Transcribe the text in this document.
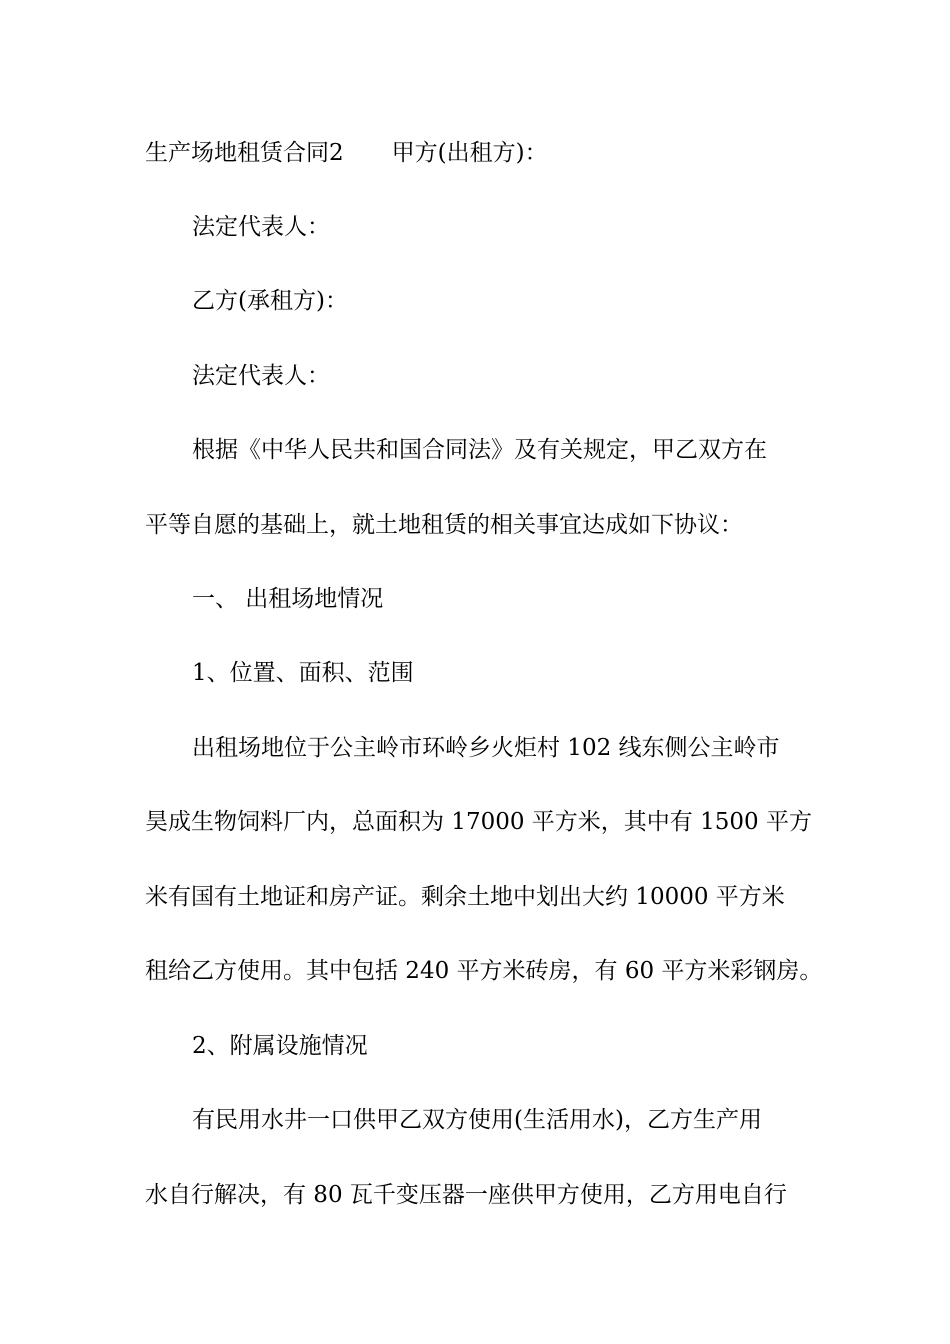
生产场地租赁合同2 甲方(出租方)：
法定代表人：
乙方(承租方)：
法定代表人：
根据《中华人民共和国合同法》及有关规定，甲乙双方在
平等自愿的基础上，就土地租赁的相关事宜达成如下协议：
一、 出租场地情况
1、位置、面积、范围
出租场地位于公主岭市环岭乡火炬村 102 线东侧公主岭市
昊成生物饲料厂内，总面积为 17000 平方米，其中有 1500 平方
米有国有土地证和房产证。剩余土地中划出大约 10000 平方米
租给乙方使用。其中包括 240 平方米砖房，有 60 平方米彩钢房。
2、附属设施情况
有民用水井一口供甲乙双方使用(生活用水)，乙方生产用
水自行解决，有 80 瓦千变压器一座供甲方使用，乙方用电自行
